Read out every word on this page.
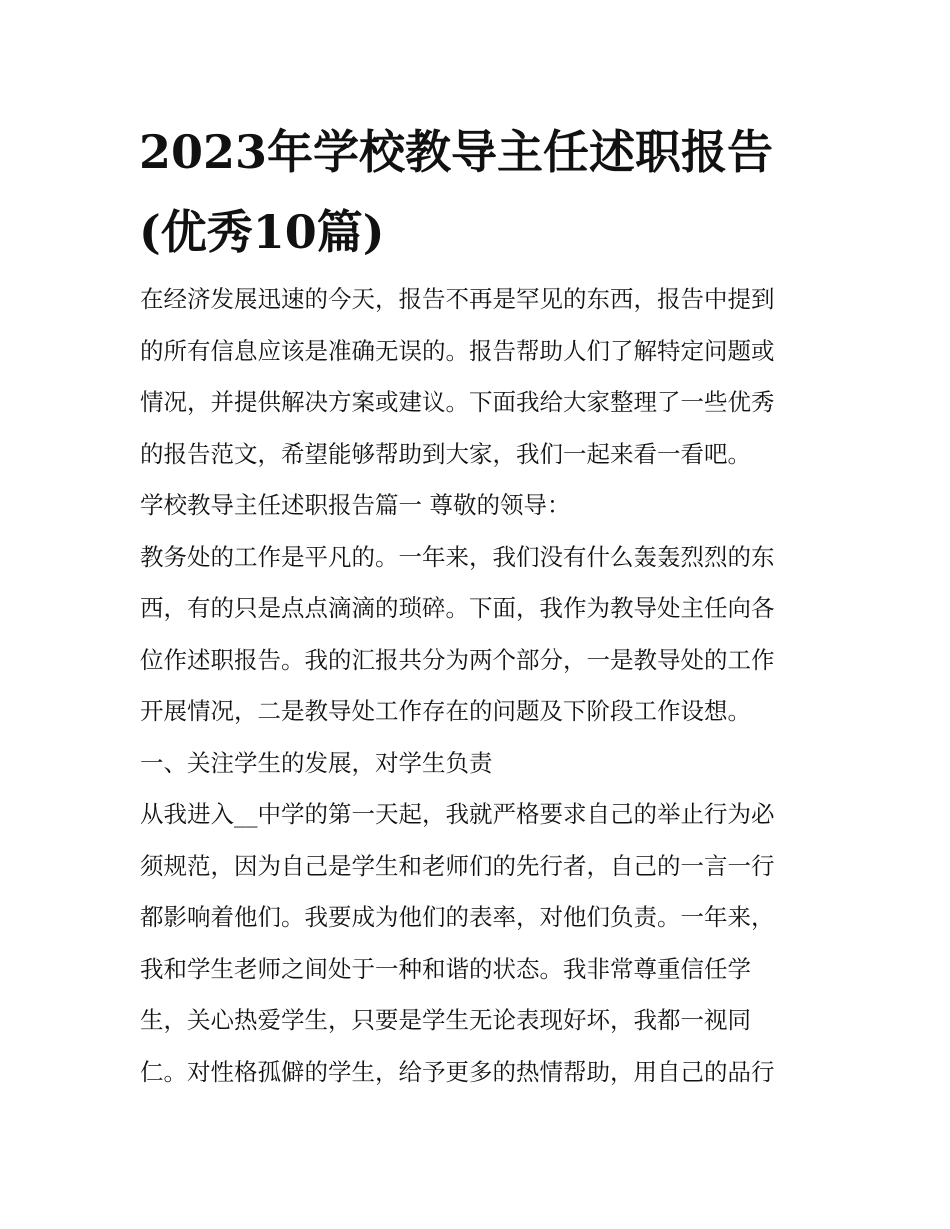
2023年学校教导主任述职报告
(优秀10篇)
在经济发展迅速的今天，报告不再是罕见的东西，报告中提到
的所有信息应该是准确无误的。报告帮助人们了解特定问题或
情况，并提供解决方案或建议。下面我给大家整理了一些优秀
的报告范文，希望能够帮助到大家，我们一起来看一看吧。
学校教导主任述职报告篇一 尊敬的领导：
教务处的工作是平凡的。一年来，我们没有什么轰轰烈烈的东
西，有的只是点点滴滴的琐碎。下面，我作为教导处主任向各
位作述职报告。我的汇报共分为两个部分，一是教导处的工作
开展情况，二是教导处工作存在的问题及下阶段工作设想。
一、关注学生的发展，对学生负责
从我进入__中学的第一天起，我就严格要求自己的举止行为必
须规范，因为自己是学生和老师们的先行者，自己的一言一行
都影响着他们。我要成为他们的表率，对他们负责。一年来，
我和学生老师之间处于一种和谐的状态。我非常尊重信任学
生，关心热爱学生，只要是学生无论表现好坏，我都一视同
仁。对性格孤僻的学生，给予更多的热情帮助，用自己的品行
